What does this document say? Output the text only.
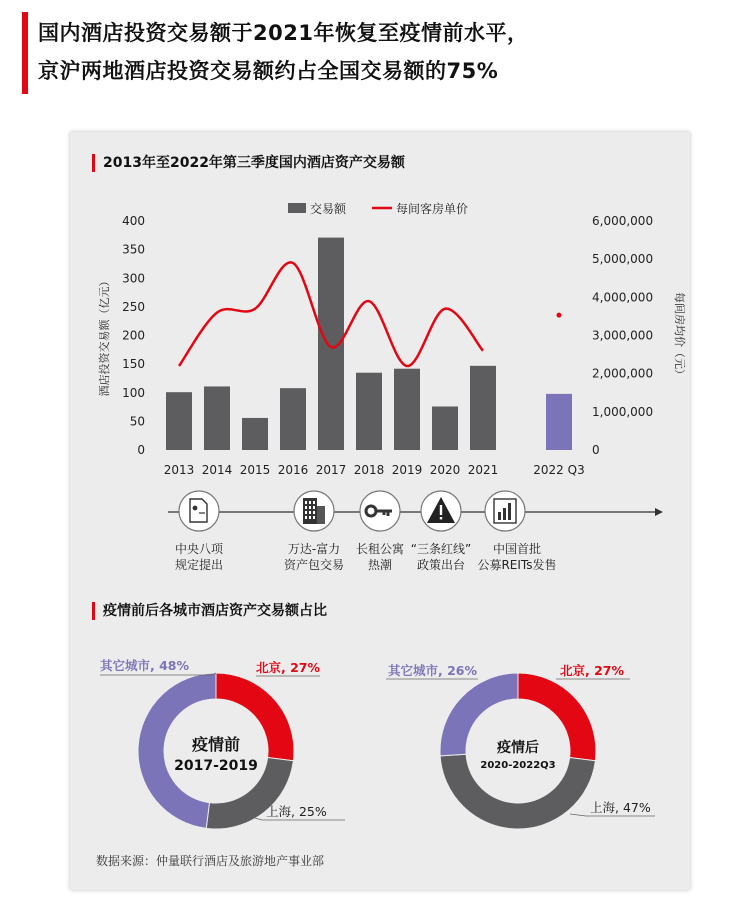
国内酒店投资交易额于2021年恢复至疫情前水平，
京沪两地酒店投资交易额约占全国交易额的75%
2013年至2022年第三季度国内酒店资产交易额
疫情前后各城市酒店资产交易额占比
0
50
100
150
200
250
300
350
400
0
1,000,000
2,000,000
3,000,000
4,000,000
5,000,000
6,000,000
酒店投资交易额（亿元）	每间房均价（元）
2013 2014 2015 2016 2017 2018 2019 2020 2021	2022 Q3
交易额	每间客房单价
中央八项
规定提出
万达-富力
资产包交易
长租公寓
热潮
“三条红线”
政策出台
中国首批
公募REITs发售
疫情前
2017-2019
疫情后
2020-2022Q3
其它城市, 48%	北京, 27%
上海, 25%
其它城市, 26%	北京, 27%
上海, 47%
数据来源：仲量联行酒店及旅游地产事业部
